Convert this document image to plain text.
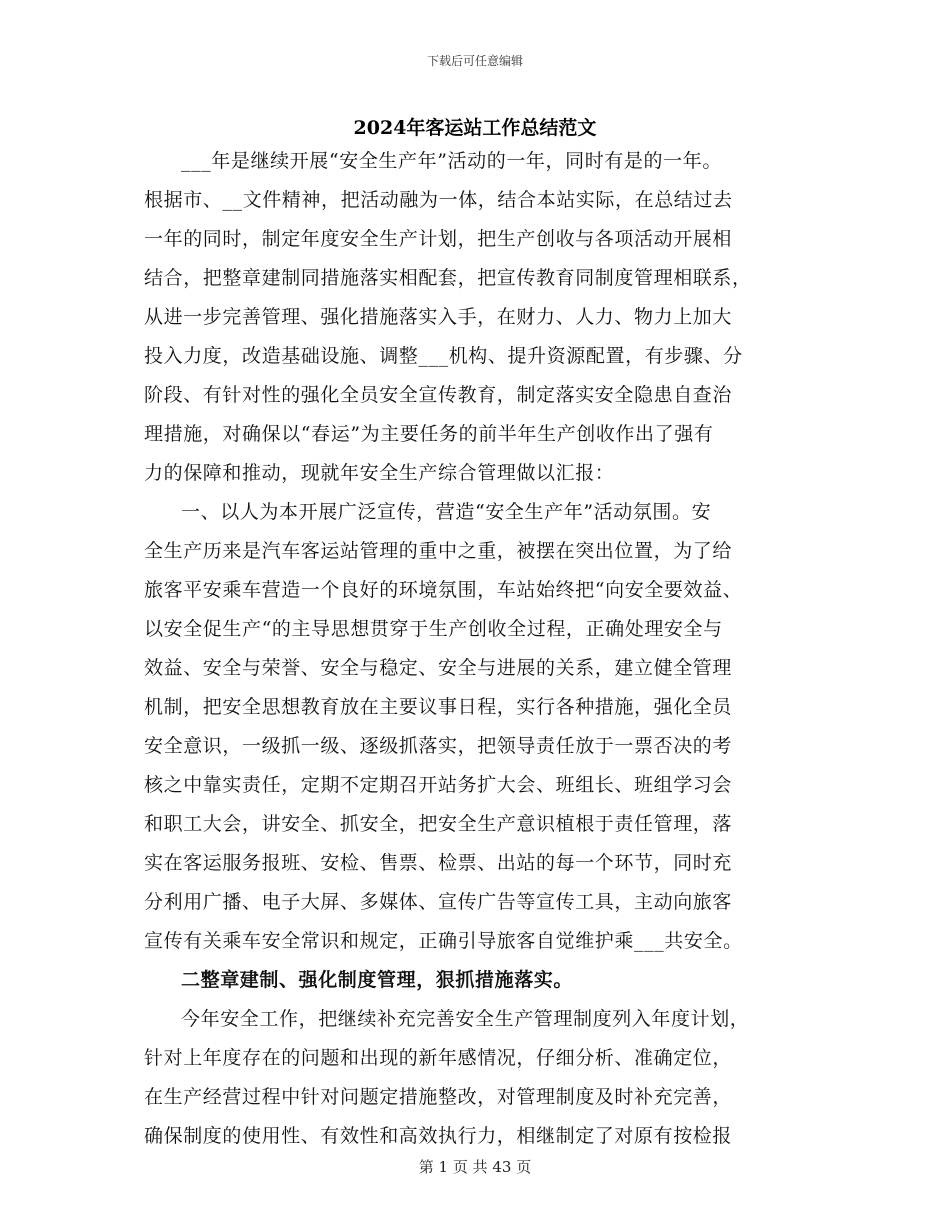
下载后可任意编辑
2024年客运站工作总结范文
___年是继续开展“安全生产年”活动的一年，同时有是的一年。
根据市、__文件精神，把活动融为一体，结合本站实际，在总结过去
一年的同时，制定年度安全生产计划，把生产创收与各项活动开展相
结合，把整章建制同措施落实相配套，把宣传教育同制度管理相联系，
从进一步完善管理、强化措施落实入手，在财力、人力、物力上加大
投入力度，改造基础设施、调整___机构、提升资源配置，有步骤、分
阶段、有针对性的强化全员安全宣传教育，制定落实安全隐患自查治
理措施，对确保以“春运”为主要任务的前半年生产创收作出了强有
力的保障和推动，现就年安全生产综合管理做以汇报：
一、以人为本开展广泛宣传，营造“安全生产年”活动氛围。安
全生产历来是汽车客运站管理的重中之重，被摆在突出位置，为了给
旅客平安乘车营造一个良好的环境氛围，车站始终把“向安全要效益、
以安全促生产“的主导思想贯穿于生产创收全过程，正确处理安全与
效益、安全与荣誉、安全与稳定、安全与进展的关系，建立健全管理
机制，把安全思想教育放在主要议事日程，实行各种措施，强化全员
安全意识，一级抓一级、逐级抓落实，把领导责任放于一票否决的考
核之中靠实责任，定期不定期召开站务扩大会、班组长、班组学习会
和职工大会，讲安全、抓安全，把安全生产意识植根于责任管理，落
实在客运服务报班、安检、售票、检票、出站的每一个环节，同时充
分利用广播、电子大屏、多媒体、宣传广告等宣传工具，主动向旅客
宣传有关乘车安全常识和规定，正确引导旅客自觉维护乘___共安全。
二整章建制、强化制度管理，狠抓措施落实。
今年安全工作，把继续补充完善安全生产管理制度列入年度计划，
针对上年度存在的问题和出现的新年感情况，仔细分析、准确定位，
在生产经营过程中针对问题定措施整改，对管理制度及时补充完善，
确保制度的使用性、有效性和高效执行力，相继制定了对原有按检报
第 1 页 共 43 页
